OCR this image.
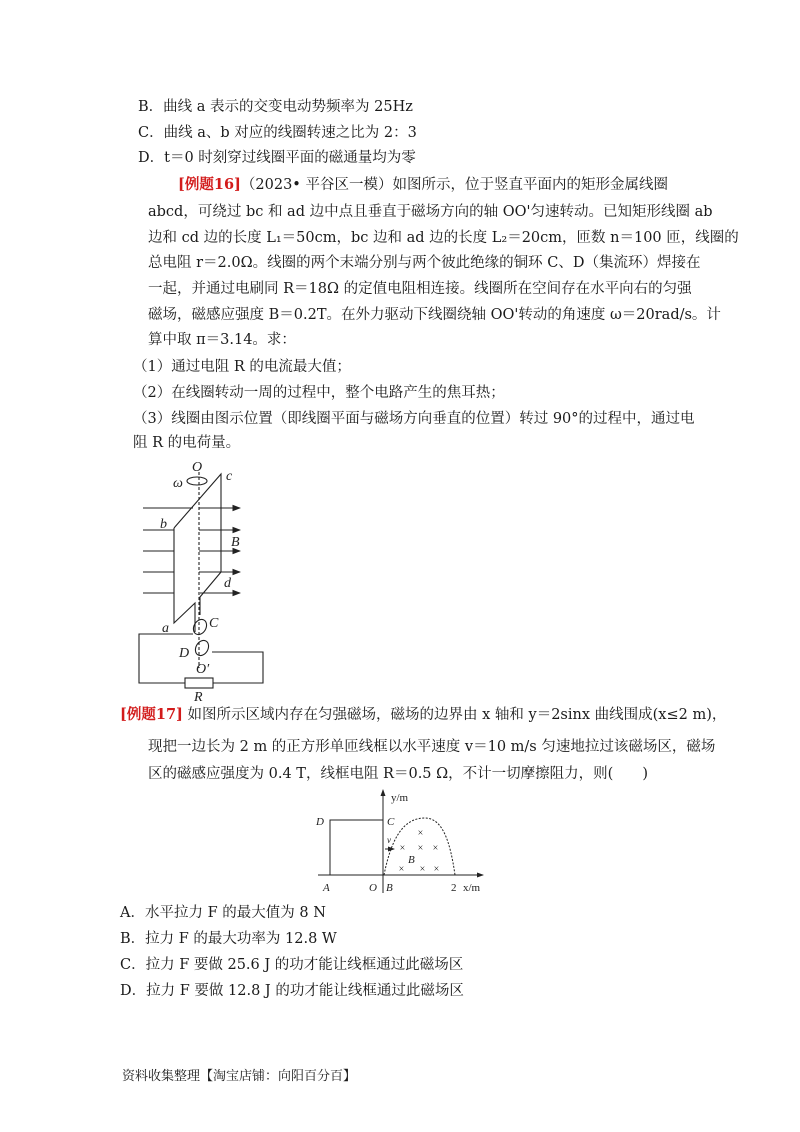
B．曲线 a 表示的交变电动势频率为 25Hz
C．曲线 a、b 对应的线圈转速之比为 2：3
D．t＝0 时刻穿过线圈平面的磁通量均为零
[例题16]（2023• 平谷区一模）如图所示，位于竖直平面内的矩形金属线圈
abcd，可绕过 bc 和 ad 边中点且垂直于磁场方向的轴 OO'匀速转动。已知矩形线圈 ab
边和 cd 边的长度 L₁＝50cm，bc 边和 ad 边的长度 L₂＝20cm，匝数 n＝100 匝，线圈的
总电阻 r＝2.0Ω。线圈的两个末端分别与两个彼此绝缘的铜环 C、D（集流环）焊接在
一起，并通过电刷同 R＝18Ω 的定值电阻相连接。线圈所在空间存在水平向右的匀强
磁场，磁感应强度 B＝0.2T。在外力驱动下线圈绕轴 OO'转动的角速度 ω＝20rad/s。计
算中取 π＝3.14。求：
（1）通过电阻 R 的电流最大值；
（2）在线圈转动一周的过程中，整个电路产生的焦耳热；
（3）线圈由图示位置（即线圈平面与磁场方向垂直的位置）转过 90°的过程中，通过电
阻 R 的电荷量。
O
ω	c
b
B
d
a	C
D
O′
R
[例题17] 如图所示区域内存在匀强磁场，磁场的边界由 x 轴和 y＝2sinx 曲线围成(x≤2 m)，
现把一边长为 2 m 的正方形单匝线框以水平速度 v＝10 m/s 匀速地拉过该磁场区，磁场
区的磁感应强度为 0.4 T，线框电阻 R＝0.5 Ω，不计一切摩擦阻力，则(　　)
y/m
x/m
D	C
A	O B	2
v
B
×
× × ×
× × ×
A．水平拉力 F 的最大值为 8 N
B．拉力 F 的最大功率为 12.8 W
C．拉力 F 要做 25.6 J 的功才能让线框通过此磁场区
D．拉力 F 要做 12.8 J 的功才能让线框通过此磁场区
资料收集整理【淘宝店铺：向阳百分百】
